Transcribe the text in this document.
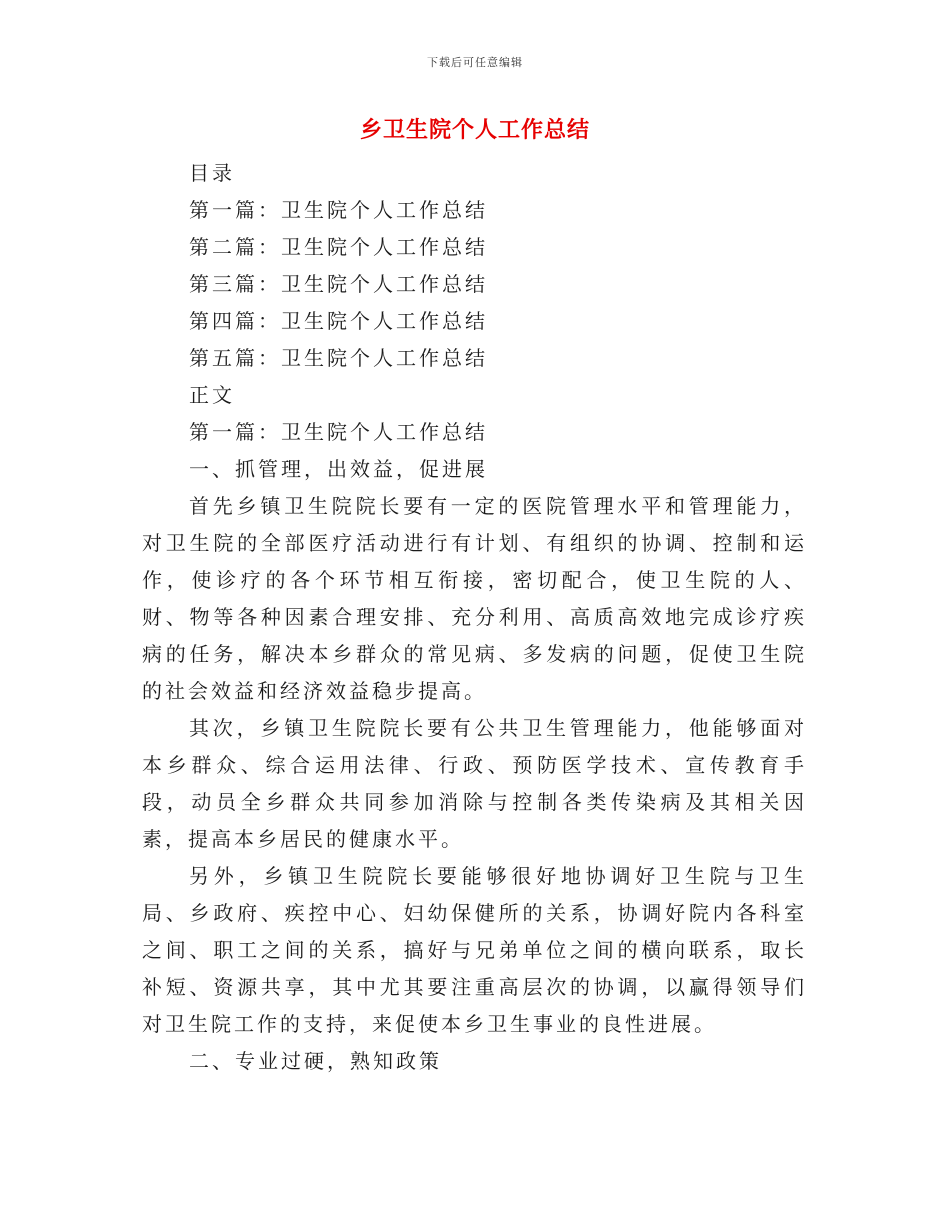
下载后可任意编辑
乡卫生院个人工作总结
目录
第一篇：卫生院个人工作总结
第二篇：卫生院个人工作总结
第三篇：卫生院个人工作总结
第四篇：卫生院个人工作总结
第五篇：卫生院个人工作总结
正文
第一篇：卫生院个人工作总结
一、抓管理，出效益，促进展

首先乡镇卫生院院长要有一定的医院管理水平和管理能力，对卫生院的全部医疗活动进行有计划、有组织的协调、控制和运作，使诊疗的各个环节相互衔接，密切配合，使卫生院的人、财、物等各种因素合理安排、充分利用、高质高效地完成诊疗疾病的任务，解决本乡群众的常见病、多发病的问题，促使卫生院的社会效益和经济效益稳步提高。

其次，乡镇卫生院院长要有公共卫生管理能力，他能够面对本乡群众、综合运用法律、行政、预防医学技术、宣传教育手段，动员全乡群众共同参加消除与控制各类传染病及其相关因素，提高本乡居民的健康水平。

另外，乡镇卫生院院长要能够很好地协调好卫生院与卫生局、乡政府、疾控中心、妇幼保健所的关系，协调好院内各科室之间、职工之间的关系，搞好与兄弟单位之间的横向联系，取长补短、资源共享，其中尤其要注重高层次的协调，以赢得领导们对卫生院工作的支持，来促使本乡卫生事业的良性进展。

二、专业过硬，熟知政策
